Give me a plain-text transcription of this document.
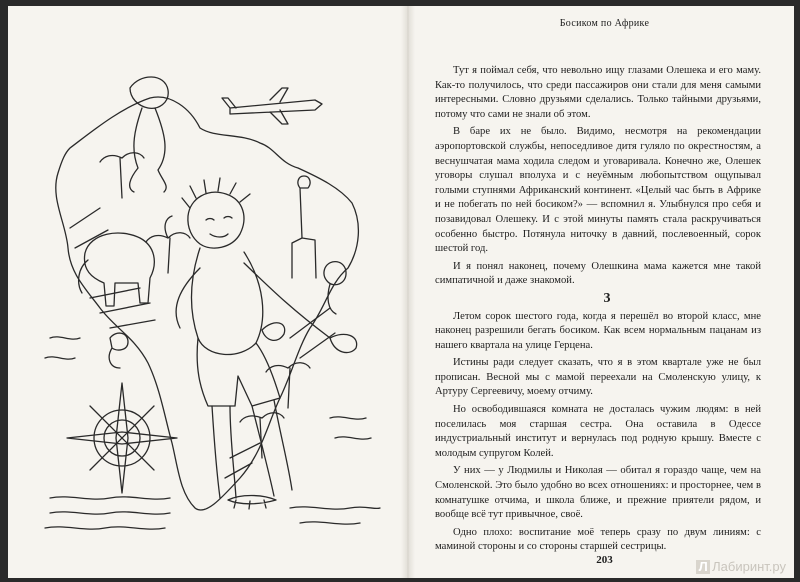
Босиком по Африке

Тут я поймал себя, что невольно ищу глазами Олешека и его маму. Как-то получилось, что среди пассажиров они стали для меня самыми интересными. Словно друзьями сделались. Только тайными друзьями, потому что сами не знали об этом.

В баре их не было. Видимо, несмотря на рекомендации аэропортовской службы, непоседливое дитя гуляло по окрестностям, а веснушчатая мама ходила следом и уговаривала. Конечно же, Олешек уговоры слушал вполуха и с неуёмным любопытством ощупывал голыми ступнями Африканский континент. «Целый час быть в Африке и не побегать по ней босиком?» — вспомнил я. Улыбнулся про себя и позавидовал Олешеку. И с этой минуты память стала раскручиваться особенно быстро. Потянула ниточку в давний, послевоенный, сорок шестой год.

И я понял наконец, почему Олешкина мама кажется мне такой симпатичной и даже знакомой.

3

Летом сорок шестого года, когда я перешёл во второй класс, мне наконец разрешили бегать босиком. Как всем нормальным пацанам из нашего квартала на улице Герцена.

Истины ради следует сказать, что я в этом квартале уже не был прописан. Весной мы с мамой переехали на Смоленскую улицу, к Артуру Сергеевичу, моему отчиму.

Но освободившаяся комната не досталась чужим людям: в ней поселилась моя старшая сестра. Она оставила в Одессе индустриальный институт и вернулась под родную крышу. Вместе с молодым супругом Колей.

У них — у Людмилы и Николая — обитал я гораздо чаще, чем на Смоленской. Это было удобно во всех отношениях: и просторнее, чем в комнатушке отчима, и школа ближе, и прежние приятели рядом, и вообще всё тут привычное, своё.

Одно плохо: воспитание моё теперь сразу по двум линиям: с маминой стороны и со стороны старшей сестрицы.

203	Л Лабиринт.ру
